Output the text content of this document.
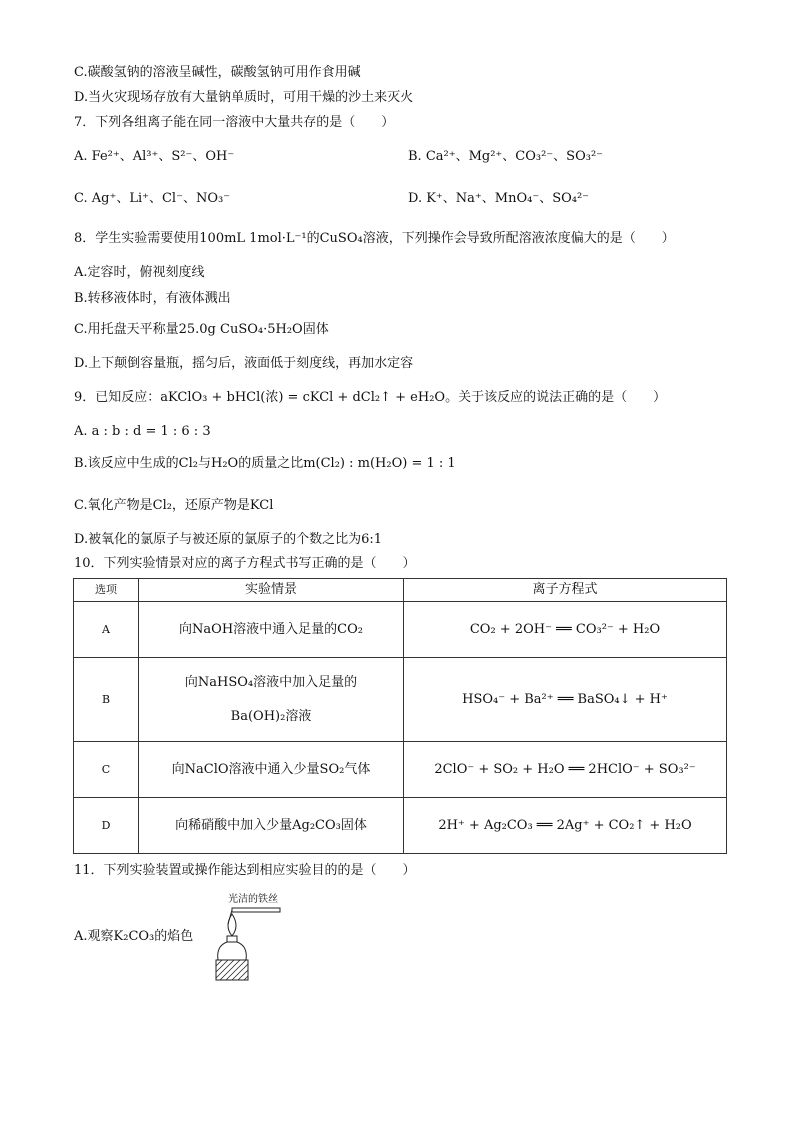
C.碳酸氢钠的溶液呈碱性，碳酸氢钠可用作食用碱
D.当火灾现场存放有大量钠单质时，可用干燥的沙土来灭火
7．下列各组离子能在同一溶液中大量共存的是（　　）
A. Fe²⁺、Al³⁺、S²⁻、OH⁻	B. Ca²⁺、Mg²⁺、CO₃²⁻、SO₃²⁻
C. Ag⁺、Li⁺、Cl⁻、NO₃⁻	D. K⁺、Na⁺、MnO₄⁻、SO₄²⁻
8．学生实验需要使用100mL 1mol·L⁻¹的CuSO₄溶液，下列操作会导致所配溶液浓度偏大的是（　　）
A.定容时，俯视刻度线
B.转移液体时，有液体溅出
C.用托盘天平称量25.0g CuSO₄·5H₂O固体
D.上下颠倒容量瓶，摇匀后，液面低于刻度线，再加水定容
9．已知反应：aKClO₃ + bHCl(浓) = cKCl + dCl₂↑ + eH₂O。关于该反应的说法正确的是（　　）
A. a : b : d = 1 : 6 : 3
B.该反应中生成的Cl₂与H₂O的质量之比m(Cl₂) : m(H₂O) = 1 : 1
C.氧化产物是Cl₂，还原产物是KCl
D.被氧化的氯原子与被还原的氯原子的个数之比为6:1
10．下列实验情景对应的离子方程式书写正确的是（　　）
选项	实验情景	离子方程式
A	向NaOH溶液中通入足量的CO₂	CO₂ + 2OH⁻ ══ CO₃²⁻ + H₂O
B	向NaHSO₄溶液中加入足量的
Ba(OH)₂溶液	HSO₄⁻ + Ba²⁺ ══ BaSO₄↓ + H⁺
C	向NaClO溶液中通入少量SO₂气体	2ClO⁻ + SO₂ + H₂O ══ 2HClO⁻ + SO₃²⁻
D	向稀硝酸中加入少量Ag₂CO₃固体	2H⁺ + Ag₂CO₃ ══ 2Ag⁺ + CO₂↑ + H₂O
11．下列实验装置或操作能达到相应实验目的的是（　　）
光洁的铁丝
A.观察K₂CO₃的焰色
